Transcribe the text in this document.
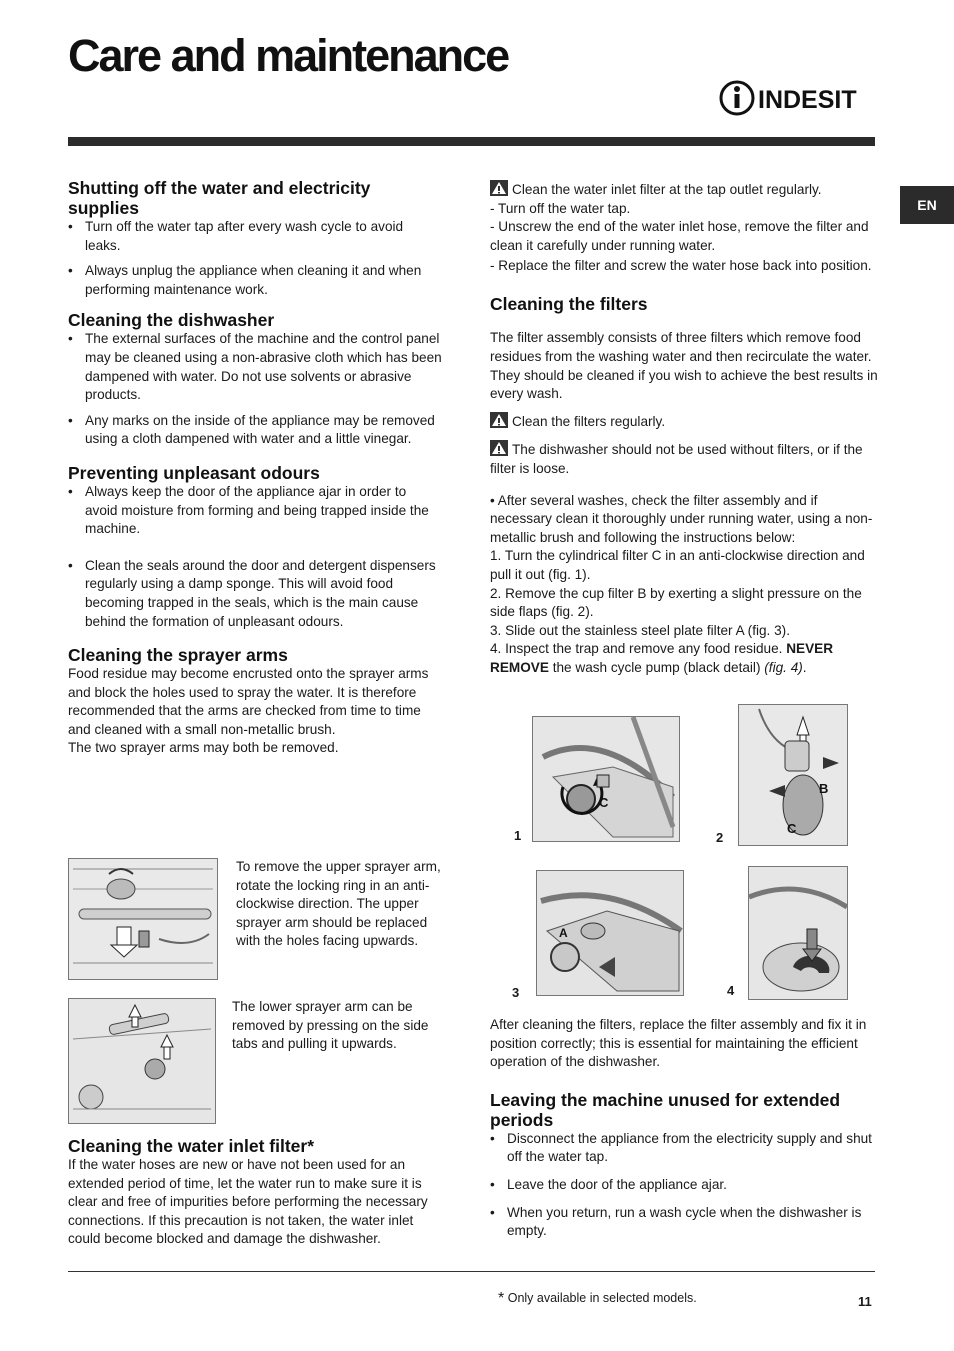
Care and maintenance
INDESIT
EN
Shutting off the water and electricity supplies
• Turn off the water tap after every wash cycle to avoid leaks.
• Always unplug the appliance when cleaning it and when performing maintenance work.
Cleaning the dishwasher
• The external surfaces of the machine and the control panel may be cleaned using a non-abrasive cloth which has been dampened with water. Do not use solvents or abrasive products.
• Any marks on the inside of the appliance may be removed using a cloth dampened with water and a little vinegar.
Preventing unpleasant odours
• Always keep the door of the appliance ajar in order to avoid moisture from forming and being trapped inside the machine.
• Clean the seals around the door and detergent dispensers regularly using a damp sponge. This will avoid food becoming trapped in the seals, which is the main cause behind the formation of unpleasant odours.
Cleaning the sprayer arms

Food residue may become encrusted onto the sprayer arms and block the holes used to spray the water. It is therefore recommended that the arms are checked from time to time and cleaned with a small non-metallic brush.

The two sprayer arms may both be removed.

To remove the upper sprayer arm, rotate the locking ring in an anti-clockwise direction. The upper sprayer arm should be replaced with the holes facing upwards.
The lower sprayer arm can be removed by pressing on the side tabs and pulling it upwards.
Cleaning the water inlet filter*

If the water hoses are new or have not been used for an extended period of time, let the water run to make sure it is clear and free of impurities before performing the necessary connections. If this precaution is not taken, the water inlet could become blocked and damage the dishwasher.

Clean the water inlet filter at the tap outlet regularly.

- Turn off the water tap.

- Unscrew the end of the water inlet hose, remove the filter and clean it carefully under running water.

- Replace the filter and screw the water hose back into position.

Cleaning the filters

The filter assembly consists of three filters which remove food residues from the washing water and then recirculate the water. They should be cleaned if you wish to achieve the best results in every wash.

Clean the filters regularly.

The dishwasher should not be used without filters, or if the filter is loose.

• After several washes, check the filter assembly and if necessary clean it thoroughly under running water, using a non-metallic brush and following the instructions below:

1. Turn the cylindrical filter C in an anti-clockwise direction and pull it out (fig. 1).

2. Remove the cup filter B by exerting a slight pressure on the side flaps (fig. 2).

3. Slide out the stainless steel plate filter A (fig. 3).

4. Inspect the trap and remove any food residue. NEVER REMOVE the wash cycle pump (black detail) (fig. 4).

C
1
B
C
2
A
3	4

After cleaning the filters, replace the filter assembly and fix it in position correctly; this is essential for maintaining the efficient operation of the dishwasher.

Leaving the machine unused for extended periods
• Disconnect the appliance from the electricity supply and shut off the water tap.
• Leave the door of the appliance ajar.
• When you return, run a wash cycle when the dishwasher is empty.
* Only available in selected models.	11
